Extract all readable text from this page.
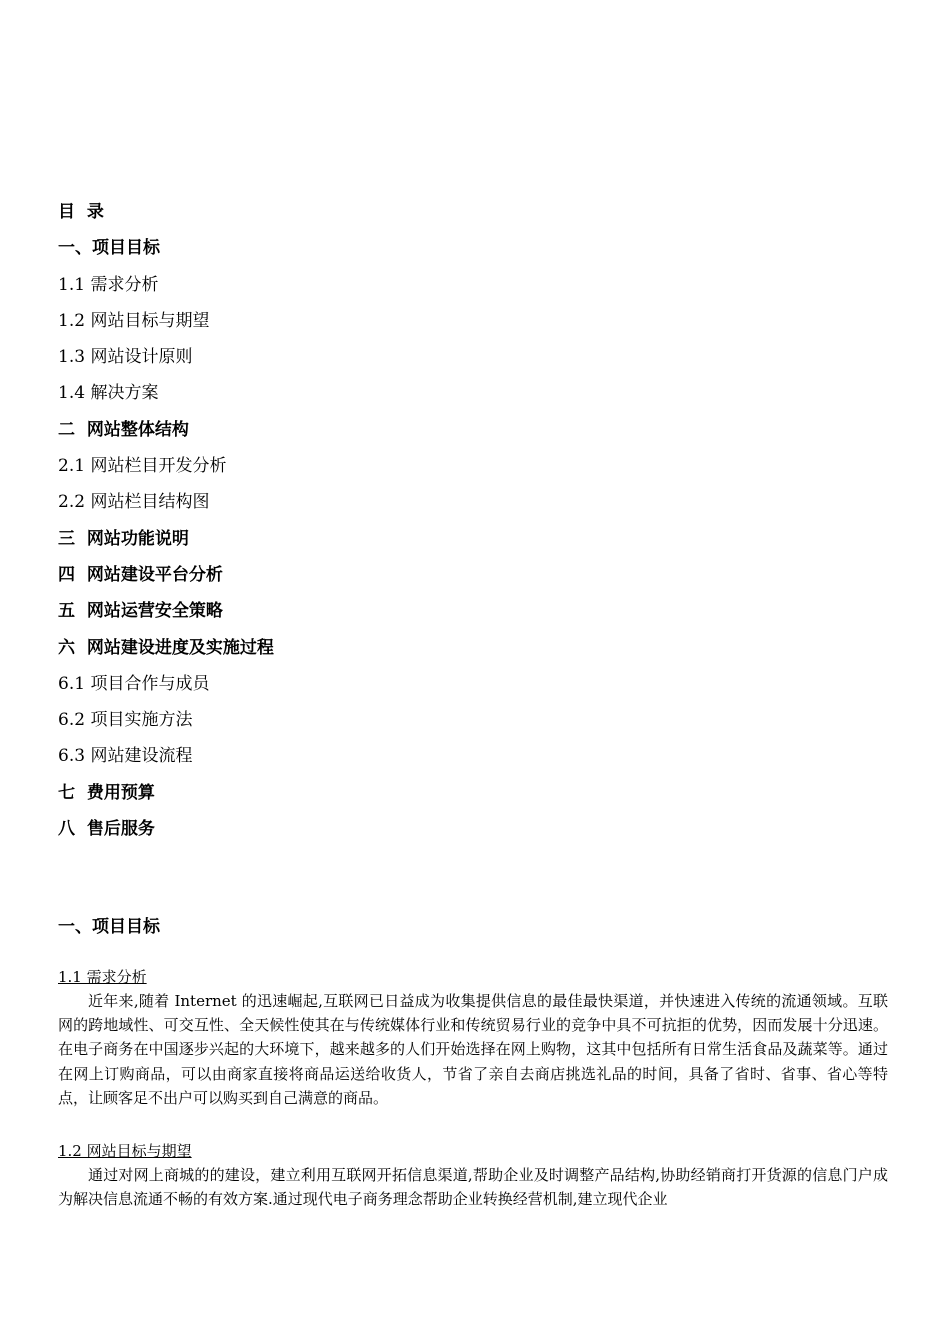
目  录
一、项目目标
1.1 需求分析
1.2 网站目标与期望
1.3 网站设计原则
1.4 解决方案
二  网站整体结构
2.1 网站栏目开发分析
2.2 网站栏目结构图
三  网站功能说明
四  网站建设平台分析
五  网站运营安全策略
六  网站建设进度及实施过程
6.1 项目合作与成员
6.2 项目实施方法
6.3 网站建设流程
七  费用预算
八  售后服务
一、项目目标
1.1 需求分析
近年来,随着 Internet 的迅速崛起,互联网已日益成为收集提供信息的最佳最快渠道，并快速进入传统的流通领域。互联网的跨地域性、可交互性、全天候性使其在与传统媒体行业和传统贸易行业的竞争中具不可抗拒的优势，因而发展十分迅速。在电子商务在中国逐步兴起的大环境下，越来越多的人们开始选择在网上购物，这其中包括所有日常生活食品及蔬菜等。通过在网上订购商品，可以由商家直接将商品运送给收货人，节省了亲自去商店挑选礼品的时间，具备了省时、省事、省心等特点，让顾客足不出户可以购买到自己满意的商品。
1.2 网站目标与期望
通过对网上商城的的建设，建立利用互联网开拓信息渠道,帮助企业及时调整产品结构,协助经销商打开货源的信息门户成为解决信息流通不畅的有效方案.通过现代电子商务理念帮助企业转换经营机制,建立现代企业
